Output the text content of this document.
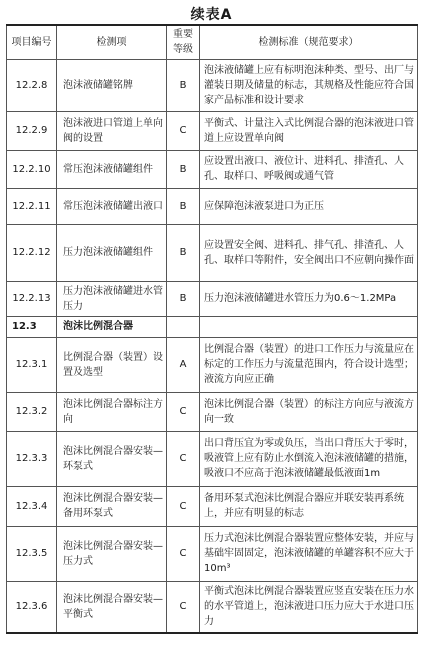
续表A
项目编号	检测项	重要等级	检测标准（规范要求）
12.2.8	泡沫液储罐铭牌	B	泡沫液储罐上应有标明泡沫种类、型号、出厂与灌装日期及储量的标志，其规格及性能应符合国家产品标准和设计要求
12.2.9	泡沫液进口管道上单向阀的设置	C	平衡式、计量注入式比例混合器的泡沫液进口管道上应设置单向阀
12.2.10	常压泡沫液储罐组件	B	应设置出液口、液位计、进料孔、排渣孔、人孔、取样口、呼吸阀或通气管
12.2.11	常压泡沫液储罐出液口	B	应保障泡沫液泵进口为正压
12.2.12	压力泡沫液储罐组件	B	应设置安全阀、进料孔、排气孔、排渣孔、人孔、取样口等附件，安全阀出口不应朝向操作面
12.2.13	压力泡沫液储罐进水管压力	B	压力泡沫液储罐进水管压力为0.6～1.2MPa
12.3	泡沫比例混合器		
12.3.1	比例混合器（装置）设置及选型	A	比例混合器（装置）的进口工作压力与流量应在标定的工作压力与流量范围内，符合设计选型；液流方向应正确
12.3.2	泡沫比例混合器标注方向	C	泡沫比例混合器（装置）的标注方向应与液流方向一致
12.3.3	泡沫比例混合器安装—环泵式	C	出口背压宜为零或负压，当出口背压大于零时，吸液管上应有防止水倒流入泡沫液储罐的措施，吸液口不应高于泡沫液储罐最低液面1m
12.3.4	泡沫比例混合器安装—备用环泵式	C	备用环泵式泡沫比例混合器应并联安装再系统上，并应有明显的标志
12.3.5	泡沫比例混合器安装—压力式	C	压力式泡沫比例混合器装置应整体安装，并应与基础牢固固定，泡沫液储罐的单罐容积不应大于10m³
12.3.6	泡沫比例混合器安装—平衡式	C	平衡式泡沫比例混合器装置应竖直安装在压力水的水平管道上，泡沫液进口压力应大于水进口压力
